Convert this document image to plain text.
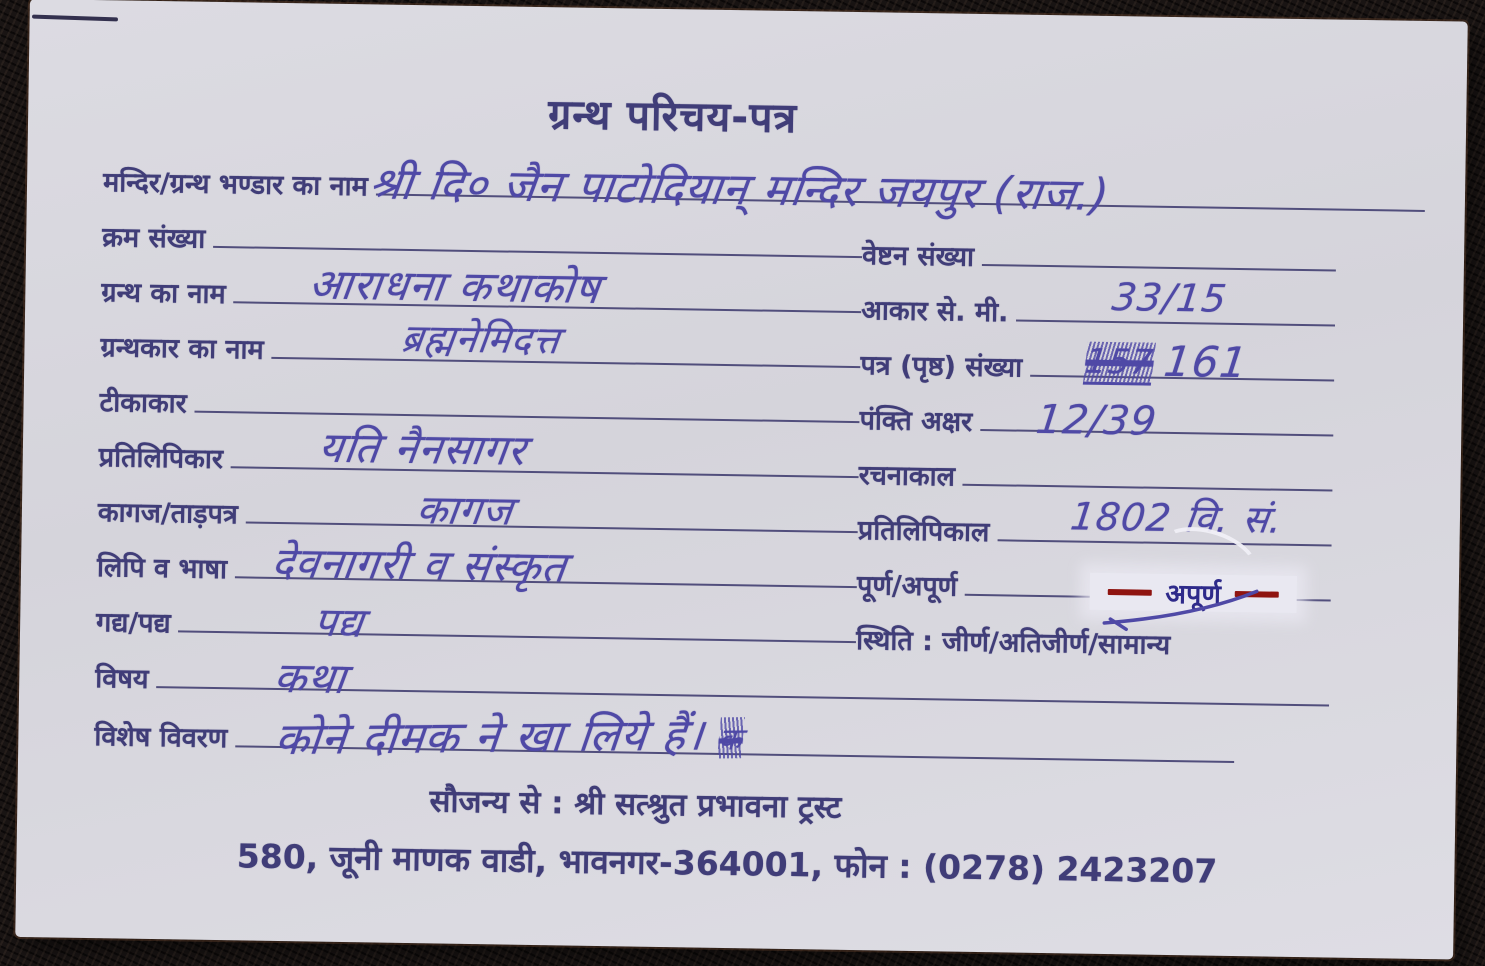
ग्रन्थ परिचय-पत्र
मन्दिर/ग्रन्थ भण्डार का नाम
श्री दि० जैन पाटोदियान् मन्दिर जयपुर (राज.)
क्रम संख्या
ग्रन्थ का नाम आराधना कथाकोष
ग्रन्थकार का नाम	ब्रह्मनेमिदत्त
टीकाकार
प्रतिलिपिकार यति नैनसागर
कागज/ताड़पत्र	कागज
लिपि व भाषा देवनागरी व संस्कृत
गद्य/पद्य	पद्य
वेष्टन संख्या
आकार से. मी.	33/15
पत्र (पृष्ठ) संख्या 157 161
पंक्ति अक्षर 12/39
रचनाकाल
प्रतिलिपिकाल 1802 वि. सं.
पूर्ण/अपूर्ण	अपूर्ण
स्थिति : जीर्ण/अतिजीर्ण/सामान्य
विषय	कथा
विशेष विवरण कोने दीमक ने खा लिये हैं। क
सौजन्य से : श्री सत्श्रुत प्रभावना ट्रस्ट
580, जूनी माणक वाडी, भावनगर-364001, फोन : (0278) 2423207
